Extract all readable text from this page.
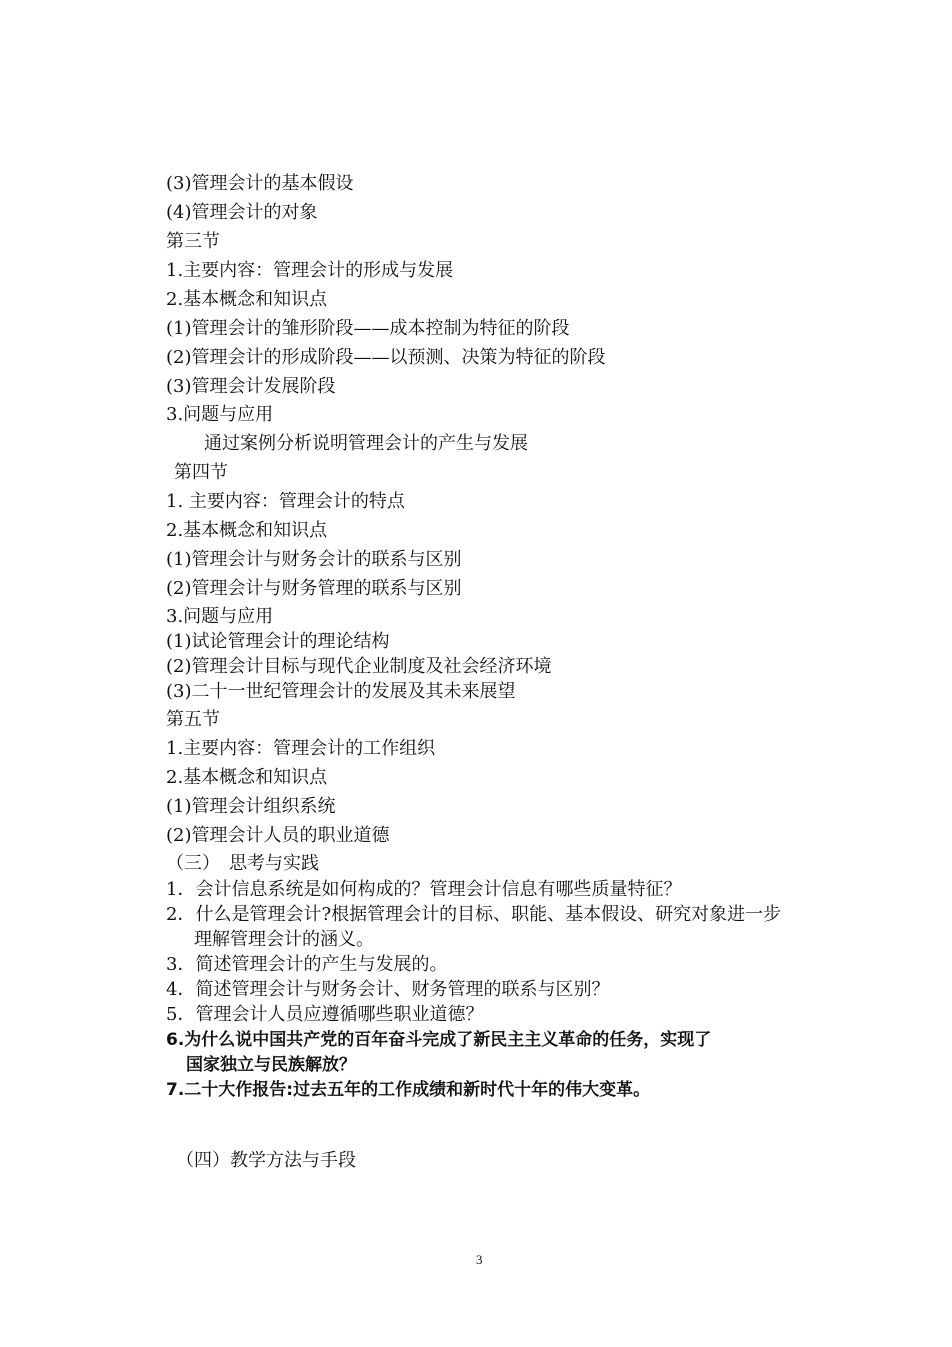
(3)管理会计的基本假设
(4)管理会计的对象
第三节
1.主要内容：管理会计的形成与发展
2.基本概念和知识点
(1)管理会计的雏形阶段——成本控制为特征的阶段
(2)管理会计的形成阶段——以预测、决策为特征的阶段
(3)管理会计发展阶段
3.问题与应用
通过案例分析说明管理会计的产生与发展
第四节
1. 主要内容：管理会计的特点
2.基本概念和知识点
(1)管理会计与财务会计的联系与区别
(2)管理会计与财务管理的联系与区别
3.问题与应用
(1)试论管理会计的理论结构
(2)管理会计目标与现代企业制度及社会经济环境
(3)二十一世纪管理会计的发展及其未来展望
第五节
1.主要内容：管理会计的工作组织
2.基本概念和知识点
(1)管理会计组织系统
(2)管理会计人员的职业道德
（三）　思考与实践
1．会计信息系统是如何构成的？管理会计信息有哪些质量特征？
2．什么是管理会计?根据管理会计的目标、职能、基本假设、研究对象进一步
理解管理会计的涵义。
3．简述管理会计的产生与发展的。
4．简述管理会计与财务会计、财务管理的联系与区别？
5．管理会计人员应遵循哪些职业道德？
6.为什么说中国共产党的百年奋斗完成了新民主主义革命的任务，实现了
国家独立与民族解放？
7.二十大作报告:过去五年的工作成绩和新时代十年的伟大变革。
（四）教学方法与手段
3
